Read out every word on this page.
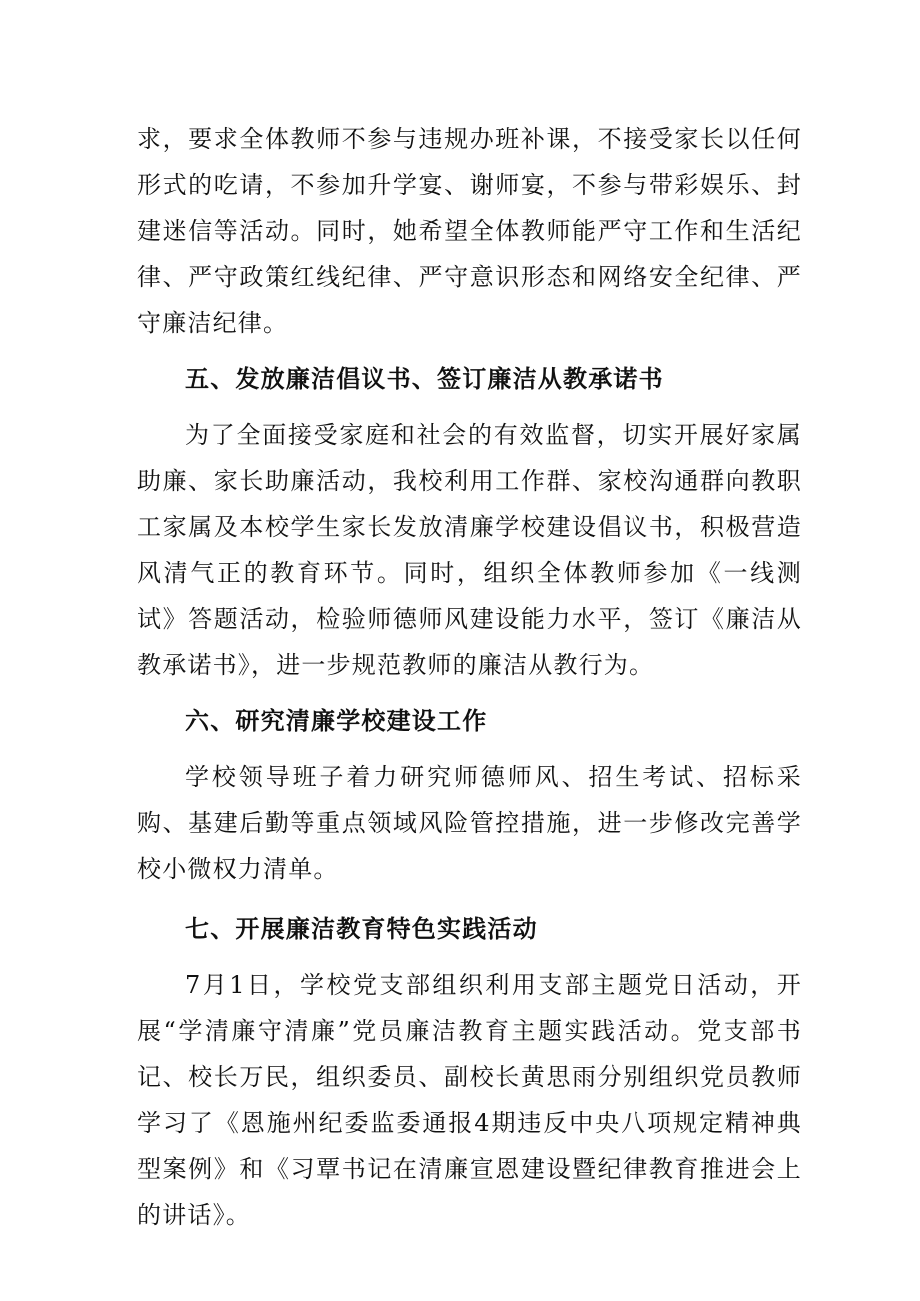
求，要求全体教师不参与违规办班补课，不接受家长以任何形式的吃请，不参加升学宴、谢师宴，不参与带彩娱乐、封建迷信等活动。同时，她希望全体教师能严守工作和生活纪律、严守政策红线纪律、严守意识形态和网络安全纪律、严守廉洁纪律。

五、发放廉洁倡议书、签订廉洁从教承诺书

为了全面接受家庭和社会的有效监督，切实开展好家属助廉、家长助廉活动，我校利用工作群、家校沟通群向教职工家属及本校学生家长发放清廉学校建设倡议书，积极营造风清气正的教育环节。同时，组织全体教师参加《一线测试》答题活动，检验师德师风建设能力水平，签订《廉洁从教承诺书》，进一步规范教师的廉洁从教行为。

六、研究清廉学校建设工作

学校领导班子着力研究师德师风、招生考试、招标采购、基建后勤等重点领域风险管控措施，进一步修改完善学校小微权力清单。

七、开展廉洁教育特色实践活动

7月1日，学校党支部组织利用支部主题党日活动，开展“学清廉守清廉”党员廉洁教育主题实践活动。党支部书记、校长万民，组织委员、副校长黄思雨分别组织党员教师学习了《恩施州纪委监委通报4期违反中央八项规定精神典型案例》和《习覃书记在清廉宣恩建设暨纪律教育推进会上的讲话》。
